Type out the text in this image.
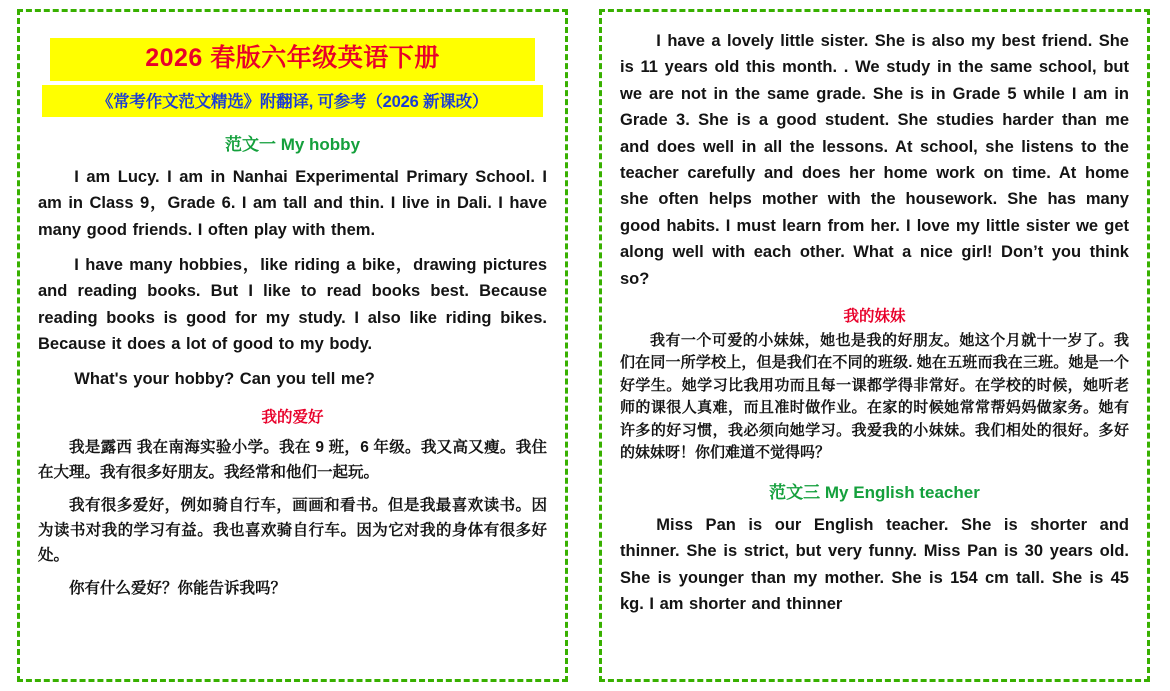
2026 春版六年级英语下册
《常考作文范文精选》附翻译, 可参考（2026 新课改）
范文一 My hobby

I am Lucy. I am in Nanhai Experimental Primary School. I am in Class 9，Grade 6. I am tall and thin. I live in Dali. I have many good friends. I often play with them.

I have many hobbies，like riding a bike，drawing pictures and reading books. But I like to read books best. Because reading books is good for my study. I also like riding bikes. Because it does a lot of good to my body.

What's your hobby? Can you tell me?

我的爱好

我是露西 我在南海实验小学。我在 9 班，6 年级。我又高又瘦。我住在大理。我有很多好朋友。我经常和他们一起玩。

我有很多爱好，例如骑自行车，画画和看书。但是我最喜欢读书。因为读书对我的学习有益。我也喜欢骑自行车。因为它对我的身体有很多好处。

你有什么爱好？你能告诉我吗？

I have a lovely little sister. She is also my best friend. She is 11 years old this month. . We study in the same school, but we are not in the same grade. She is in Grade 5 while I am in Grade 3. She is a good student. She studies harder than me and does well in all the lessons. At school, she listens to the teacher carefully and does her home work on time. At home she often helps mother with the housework. She has many good habits. I must learn from her. I love my little sister we get along well with each other. What a nice girl! Don’t you think so?

我的妹妹

我有一个可爱的小妹妹，她也是我的好朋友。她这个月就十一岁了。我们在同一所学校上，但是我们在不同的班级. 她在五班而我在三班。她是一个好学生。她学习比我用功而且每一课都学得非常好。在学校的时候，她听老师的课很人真难，而且准时做作业。在家的时候她常常帮妈妈做家务。她有许多的好习惯，我必须向她学习。我爱我的小妹妹。我们相处的很好。多好的妹妹呀！你们难道不觉得吗？

范文三 My English teacher

Miss Pan is our English teacher. She is shorter and thinner. She is strict, but very funny. Miss Pan is 30 years old. She is younger than my mother. She is 154 cm tall. She is 45 kg. I am shorter and thinner
